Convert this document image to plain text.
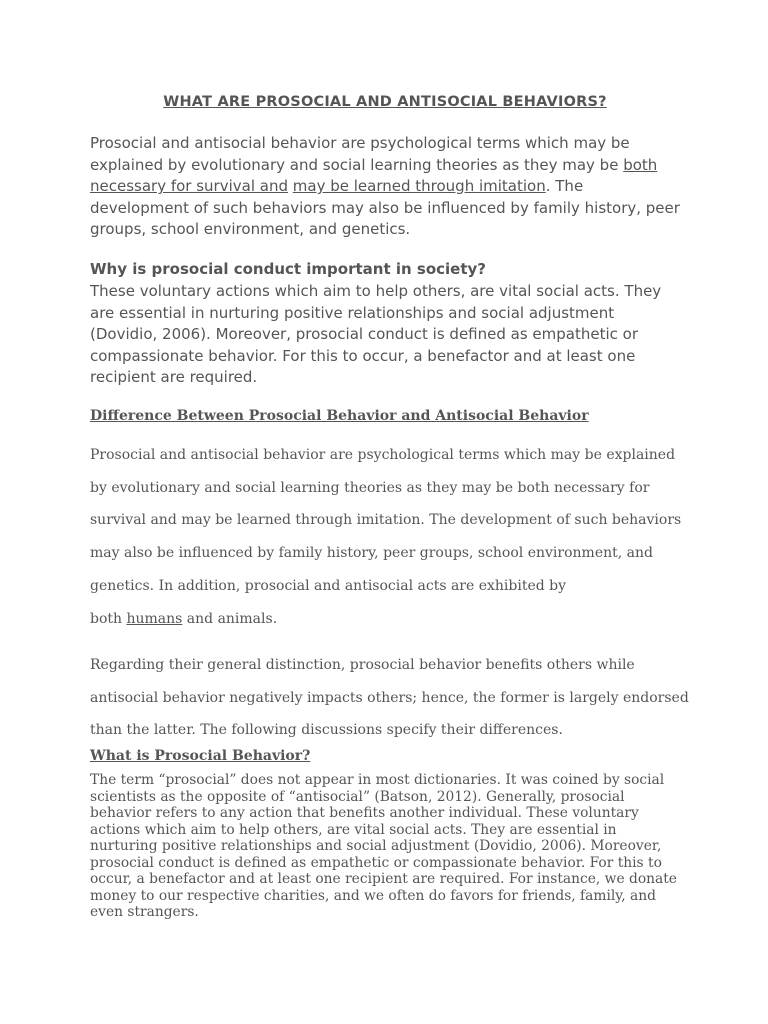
WHAT ARE PROSOCIAL AND ANTISOCIAL BEHAVIORS?

Prosocial and antisocial behavior are psychological terms which may be explained by evolutionary and social learning theories as they may be both necessary for survival and may be learned through imitation. The development of such behaviors may also be influenced by family history, peer groups, school environment, and genetics.

Why is prosocial conduct important in society?

These voluntary actions which aim to help others, are vital social acts. They are essential in nurturing positive relationships and social adjustment (Dovidio, 2006). Moreover, prosocial conduct is defined as empathetic or compassionate behavior. For this to occur, a benefactor and at least one recipient are required.

Difference Between Prosocial Behavior and Antisocial Behavior

Prosocial and antisocial behavior are psychological terms which may be explained by evolutionary and social learning theories as they may be both necessary for survival and may be learned through imitation. The development of such behaviors may also be influenced by family history, peer groups, school environment, and genetics. In addition, prosocial and antisocial acts are exhibited by
both humans and animals.

Regarding their general distinction, prosocial behavior benefits others while antisocial behavior negatively impacts others; hence, the former is largely endorsed than the latter. The following discussions specify their differences.

What is Prosocial Behavior?

The term “prosocial” does not appear in most dictionaries. It was coined by social scientists as the opposite of “antisocial” (Batson, 2012). Generally, prosocial behavior refers to any action that benefits another individual. These voluntary actions which aim to help others, are vital social acts. They are essential in nurturing positive relationships and social adjustment (Dovidio, 2006). Moreover, prosocial conduct is defined as empathetic or compassionate behavior. For this to occur, a benefactor and at least one recipient are required. For instance, we donate money to our respective charities, and we often do favors for friends, family, and even strangers.
